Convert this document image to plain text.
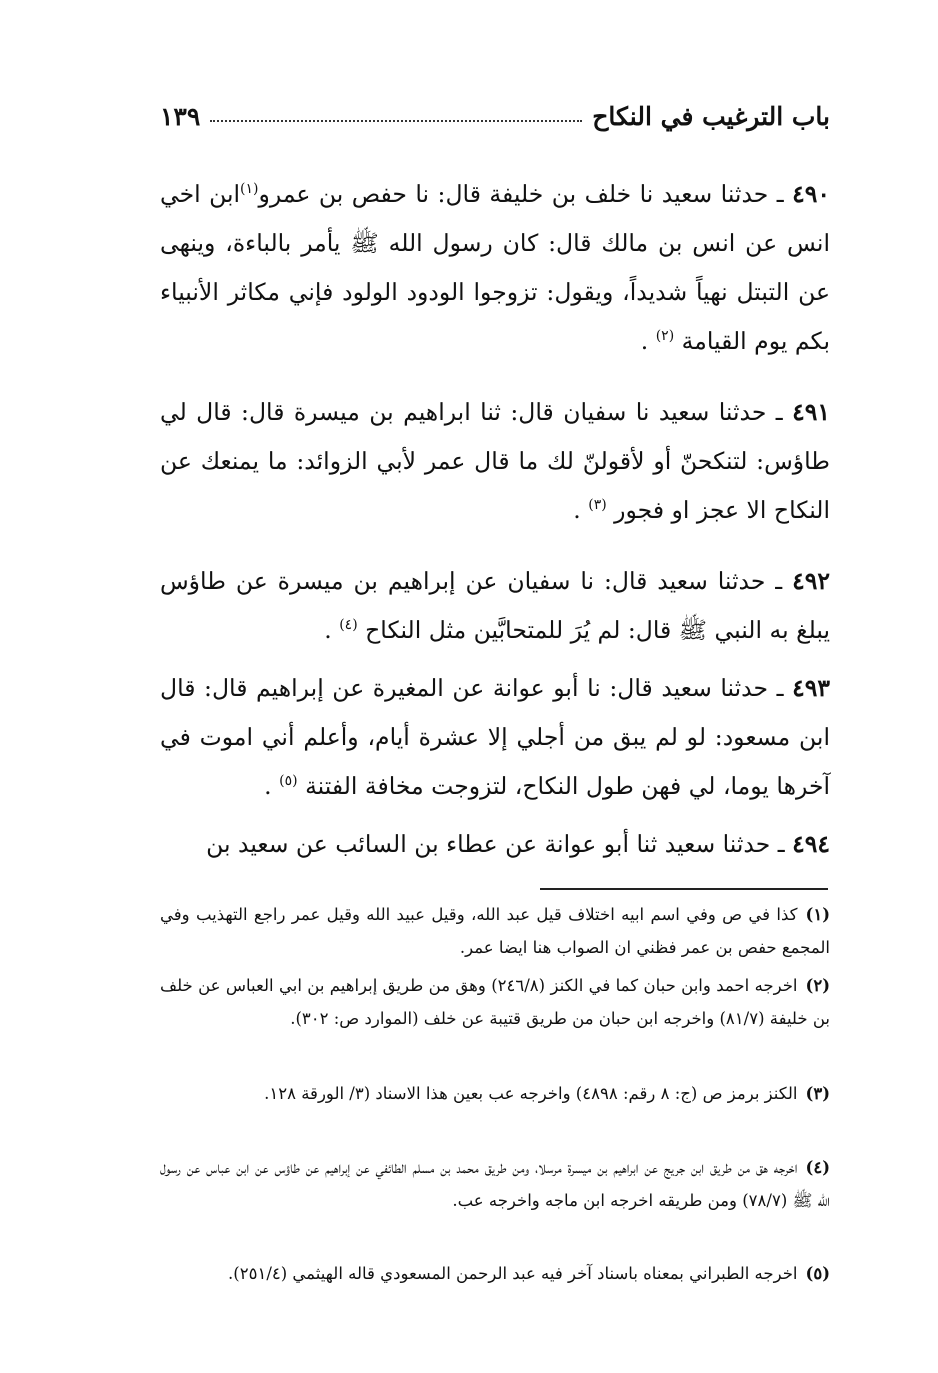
باب الترغيب في النكاح
١٣٩

٤٩٠ ـ حدثنا سعيد نا خلف بن خليفة قال: نا حفص بن عمرو$^{(١)}$ابن اخي انس عن انس بن مالك قال: كان رسول الله ﷺ يأمر بالباءة، وينهى عن التبتل نهياً شديداً، ويقول: تزوجوا الودود الولود فإني مكاثر الأنبياء بكم يوم القيامة $^{(٢)}$ .

٤٩١ ـ حدثنا سعيد نا سفيان قال: ثنا ابراهيم بن ميسرة قال: قال لي طاؤس: لتنكحنّ أو لأقولنّ لك ما قال عمر لأبي الزوائد: ما يمنعك عن النكاح الا عجز او فجور $^{(٣)}$ .

٤٩٢ ـ حدثنا سعيد قال: نا سفيان عن إبراهيم بن ميسرة عن طاؤس يبلغ به النبي ﷺ قال: لم يُرَ للمتحابَّين مثل النكاح $^{(٤)}$ .

٤٩٣ ـ حدثنا سعيد قال: نا أبو عوانة عن المغيرة عن إبراهيم قال: قال ابن مسعود: لو لم يبق من أجلي إلا عشرة أيام، وأعلم أني اموت في آخرها يوما، لي فهن طول النكاح، لتزوجت مخافة الفتنة $^{(٥)}$ .

٤٩٤ ـ حدثنا سعيد ثنا أبو عوانة عن عطاء بن السائب عن سعيد بن

(١)كذا في ص وفي اسم ابيه اختلاف قيل عبد الله، وقيل عبيد الله وقيل عمر راجع التهذيب وفي المجمع حفص بن عمر فظني ان الصواب هنا ايضا عمر.

(٢)اخرجه احمد وابن حبان كما في الكنز (٢٤٦/٨) وهق من طريق إبراهيم بن ابي العباس عن خلف بن خليفة (٨١/٧) واخرجه ابن حبان من طريق قتيبة عن خلف (الموارد ص: ٣٠٢).

(٣)الكنز برمز ص (ج: ٨ رقم: ٤٨٩٨) واخرجه عب بعين هذا الاسناد (٣/ الورقة ١٢٨.

(٤)اخرجه هق من طريق ابن جريج عن ابراهيم بن ميسرة مرسلا، ومن طريق محمد بن مسلم الطائفي عن إبراهيم عن طاؤس عن ابن عباس عن رسول الله ﷺ (٧٨/٧) ومن طريقه اخرجه ابن ماجه واخرجه عب.

(٥)اخرجه الطبراني بمعناه باسناد آخر فيه عبد الرحمن المسعودي قاله الهيثمي (٢٥١/٤).
